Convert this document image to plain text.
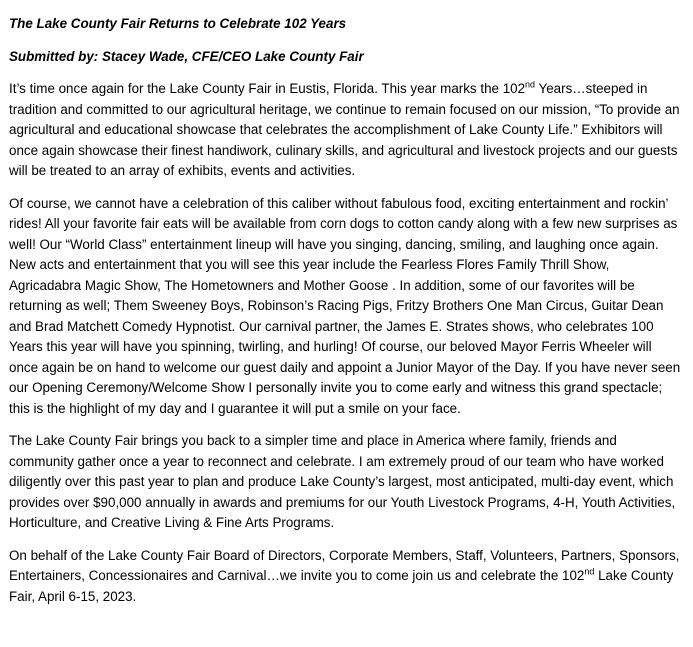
The Lake County Fair Returns to Celebrate 102 Years
Submitted by: Stacey Wade, CFE/CEO Lake County Fair

It’s time once again for the Lake County Fair in Eustis, Florida. This year marks the 102nd Years…steeped in tradition and committed to our agricultural heritage, we continue to remain focused on our mission, “To provide an agricultural and educational showcase that celebrates the accomplishment of Lake County Life.” Exhibitors will once again showcase their finest handiwork, culinary skills, and agricultural and livestock projects and our guests will be treated to an array of exhibits, events and activities.

Of course, we cannot have a celebration of this caliber without fabulous food, exciting entertainment and rockin’ rides! All your favorite fair eats will be available from corn dogs to cotton candy along with a few new surprises as well! Our “World Class” entertainment lineup will have you singing, dancing, smiling, and laughing once again. New acts and entertainment that you will see this year include the Fearless Flores Family Thrill Show, Agricadabra Magic Show, The Hometowners and Mother Goose . In addition, some of our favorites will be returning as well; Them Sweeney Boys, Robinson’s Racing Pigs, Fritzy Brothers One Man Circus, Guitar Dean and Brad Matchett Comedy Hypnotist. Our carnival partner, the James E. Strates shows, who celebrates 100 Years this year will have you spinning, twirling, and hurling! Of course, our beloved Mayor Ferris Wheeler will once again be on hand to welcome our guest daily and appoint a Junior Mayor of the Day. If you have never seen our Opening Ceremony/Welcome Show I personally invite you to come early and witness this grand spectacle; this is the highlight of my day and I guarantee it will put a smile on your face.

The Lake County Fair brings you back to a simpler time and place in America where family, friends and community gather once a year to reconnect and celebrate. I am extremely proud of our team who have worked diligently over this past year to plan and produce Lake County’s largest, most anticipated, multi-day event, which provides over $90,000 annually in awards and premiums for our Youth Livestock Programs, 4-H, Youth Activities, Horticulture, and Creative Living & Fine Arts Programs.

On behalf of the Lake County Fair Board of Directors, Corporate Members, Staff, Volunteers, Partners, Sponsors, Entertainers, Concessionaires and Carnival…we invite you to come join us and celebrate the 102nd Lake County Fair, April 6-15, 2023.
